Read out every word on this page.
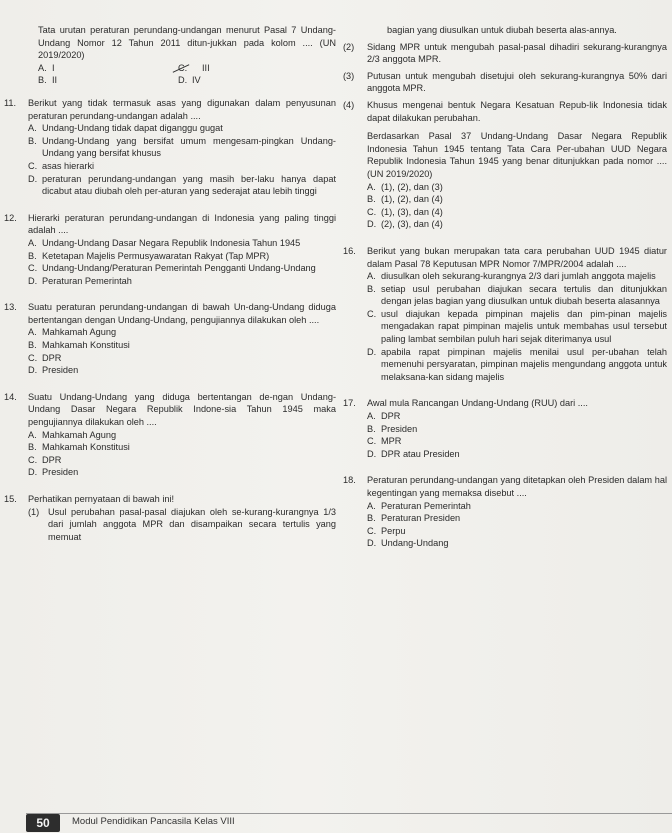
Tata urutan peraturan perundang-undangan menurut Pasal 7 Undang-Undang Nomor 12 Tahun 2011 ditun-jukkan pada kolom .... (UN 2019/2020)

A. I	C.	III
B. II	D. IV
11.	Berikut yang tidak termasuk asas yang digunakan dalam penyusunan peraturan perundang-undangan adalah ....
A. Undang-Undang tidak dapat diganggu gugat
B. Undang-Undang yang bersifat umum mengesam-pingkan Undang-Undang yang bersifat khusus
C. asas hierarki
D. peraturan perundang-undangan yang masih ber-laku hanya dapat dicabut atau diubah oleh per-aturan yang sederajat atau lebih tinggi
12.	Hierarki peraturan perundang-undangan di Indonesia yang paling tinggi adalah ....
A. Undang-Undang Dasar Negara Republik Indonesia Tahun 1945
B. Ketetapan Majelis Permusyawaratan Rakyat (Tap MPR)
C. Undang-Undang/Peraturan Pemerintah Pengganti Undang-Undang
D. Peraturan Pemerintah
13.	Suatu peraturan perundang-undangan di bawah Un-dang-Undang diduga bertentangan dengan Undang-Undang, pengujiannya dilakukan oleh ....
A. Mahkamah Agung
B. Mahkamah Konstitusi
C. DPR
D. Presiden
14.	Suatu Undang-Undang yang diduga bertentangan de-ngan Undang-Undang Dasar Negara Republik Indone-sia Tahun 1945 maka pengujiannya dilakukan oleh ....
A. Mahkamah Agung
B. Mahkamah Konstitusi
C. DPR
D. Presiden
15.	Perhatikan pernyataan di bawah ini!
(1) Usul perubahan pasal-pasal diajukan oleh se-kurang-kurangnya 1/3 dari jumlah anggota MPR dan disampaikan secara tertulis yang memuat

bagian yang diusulkan untuk diubah beserta alas-annya.

(2)	Sidang MPR untuk mengubah pasal-pasal dihadiri sekurang-kurangnya 2/3 anggota MPR.
(3)	Putusan untuk mengubah disetujui oleh sekurang-kurangnya 50% dari anggota MPR.
(4)	Khusus mengenai bentuk Negara Kesatuan Repub-lik Indonesia tidak dapat dilakukan perubahan.

Berdasarkan Pasal 37 Undang-Undang Dasar Negara Republik Indonesia Tahun 1945 tentang Tata Cara Per-ubahan UUD Negara Republik Indonesia Tahun 1945 yang benar ditunjukkan pada nomor .... (UN 2019/2020)

A. (1), (2), dan (3)
B. (1), (2), dan (4)
C. (1), (3), dan (4)
D. (2), (3), dan (4)
16.	Berikut yang bukan merupakan tata cara perubahan UUD 1945 diatur dalam Pasal 78 Keputusan MPR Nomor 7/MPR/2004 adalah ....
A. diusulkan oleh sekurang-kurangnya 2/3 dari jumlah anggota majelis
B. setiap usul perubahan diajukan secara tertulis dan ditunjukkan dengan jelas bagian yang diusulkan untuk diubah beserta alasannya
C. usul diajukan kepada pimpinan majelis dan pim-pinan majelis mengadakan rapat pimpinan majelis untuk membahas usul tersebut paling lambat sembilan puluh hari sejak diterimanya usul
D. apabila rapat pimpinan majelis menilai usul per-ubahan telah memenuhi persyaratan, pimpinan majelis mengundang anggota untuk melaksana-kan sidang majelis
17.	Awal mula Rancangan Undang-Undang (RUU) dari ....
A. DPR
B. Presiden
C. MPR
D. DPR atau Presiden
18.	Peraturan perundang-undangan yang ditetapkan oleh Presiden dalam hal kegentingan yang memaksa disebut ....
A. Peraturan Pemerintah
B. Peraturan Presiden
C. Perpu
D. Undang-Undang
50	Modul Pendidikan Pancasila Kelas VIII
